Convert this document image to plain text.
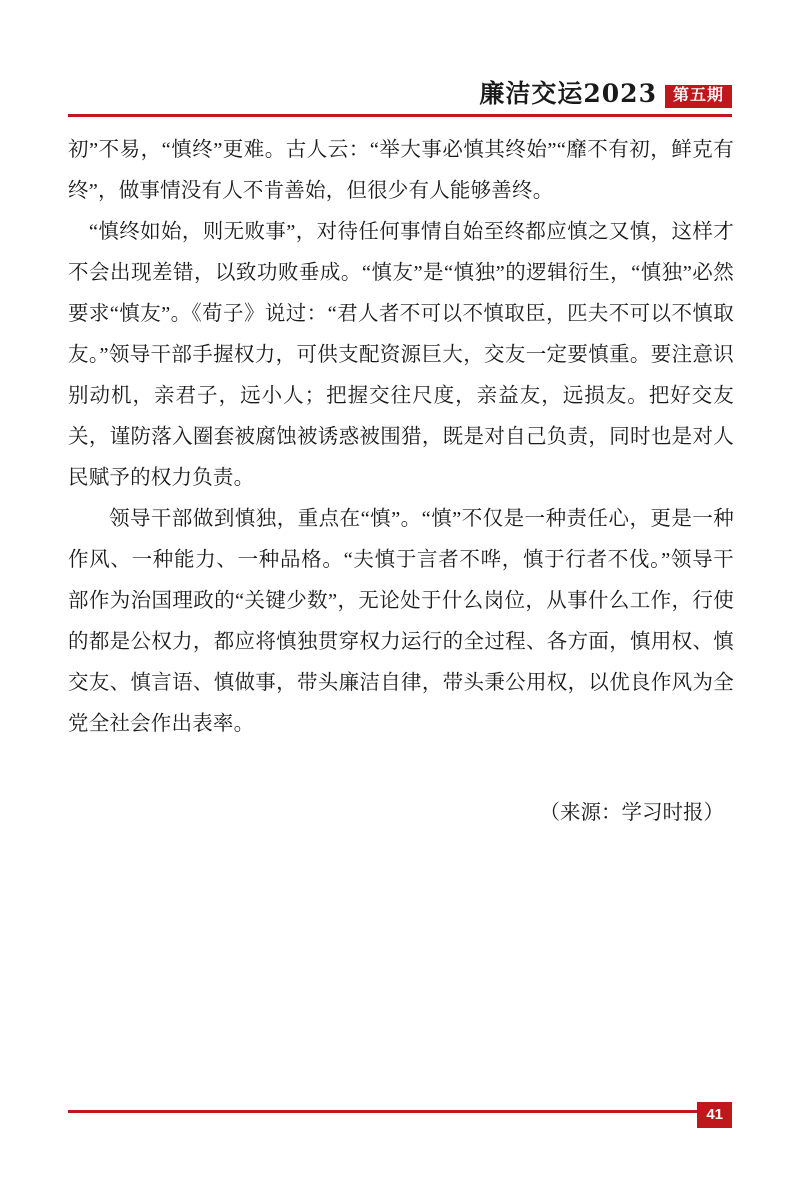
廉洁交运2023	第五期

初”不易，“慎终”更难。古人云：“举大事必慎其终始”“靡不有初，鲜克有终”，做事情没有人不肯善始，但很少有人能够善终。

　“慎终如始，则无败事”，对待任何事情自始至终都应慎之又慎，这样才不会出现差错，以致功败垂成。“慎友”是“慎独”的逻辑衍生，“慎独”必然要求“慎友”。《荀子》说过：“君人者不可以不慎取臣，匹夫不可以不慎取友。”领导干部手握权力，可供支配资源巨大，交友一定要慎重。要注意识别动机，亲君子，远小人；把握交往尺度，亲益友，远损友。把好交友关，谨防落入圈套被腐蚀被诱惑被围猎，既是对自己负责，同时也是对人民赋予的权力负责。

领导干部做到慎独，重点在“慎”。“慎”不仅是一种责任心，更是一种作风、一种能力、一种品格。“夫慎于言者不哗，慎于行者不伐。”领导干部作为治国理政的“关键少数”，无论处于什么岗位，从事什么工作，行使的都是公权力，都应将慎独贯穿权力运行的全过程、各方面，慎用权、慎交友、慎言语、慎做事，带头廉洁自律，带头秉公用权，以优良作风为全党全社会作出表率。

（来源：学习时报）

41
